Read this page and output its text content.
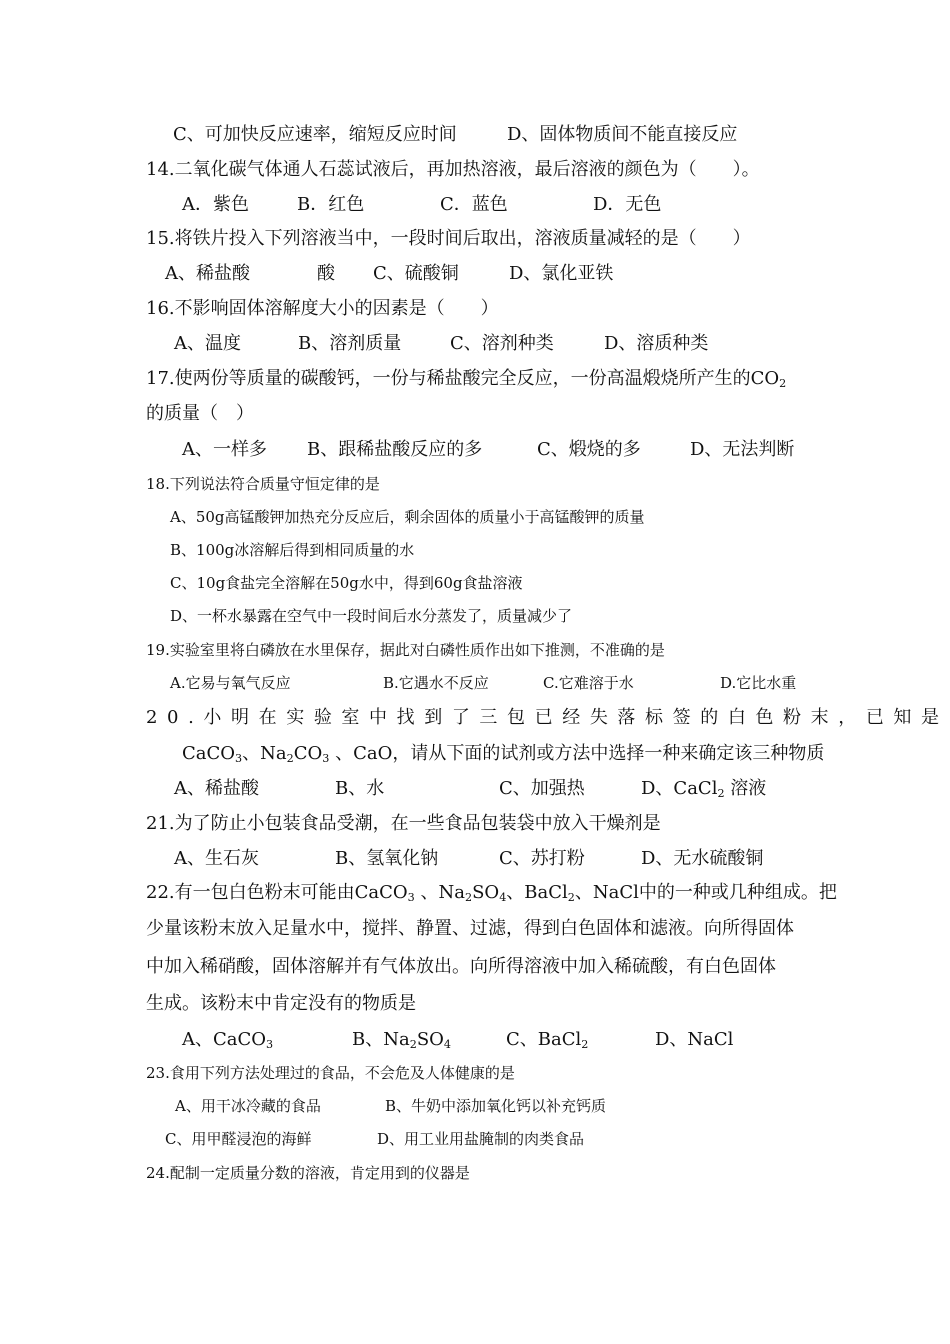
C、可加快反应速率，缩短反应时间	D、固体物质间不能直接反应
14.二氧化碳气体通人石蕊试液后，再加热溶液，最后溶液的颜色为（　　）。
A．紫色	B．红色	C．蓝色	D．无色
15.将铁片投入下列溶液当中，一段时间后取出，溶液质量减轻的是（　　）
A、稀盐酸	酸 C、硫酸铜	D、氯化亚铁
16.不影响固体溶解度大小的因素是（　　）
A、温度	B、溶剂质量	C、溶剂种类	D、溶质种类
17.使两份等质量的碳酸钙，一份与稀盐酸完全反应，一份高温煅烧所产生的$CO_2$
的质量（　）
A、一样多 B、跟稀盐酸反应的多	C、煅烧的多	D、无法判断
18.下列说法符合质量守恒定律的是
A、50g高锰酸钾加热充分反应后，剩余固体的质量小于高锰酸钾的质量
B、100g冰溶解后得到相同质量的水
C、10g食盐完全溶解在50g水中，得到60g食盐溶液
D、一杯水暴露在空气中一段时间后水分蒸发了，质量减少了
19.实验室里将白磷放在水里保存，据此对白磷性质作出如下推测，不准确的是
A.它易与氧气反应	B.它遇水不反应	C.它难溶于水	D.它比水重
20.小明在实验室中找到了三包已经失落标签的白色粉末，已知是
CaCO$_3$、$Na_2CO_3$ 、CaO，请从下面的试剂或方法中选择一种来确定该三种物质
A、稀盐酸	B、水	C、加强热	D、CaCl$_2$ 溶液
21.为了防止小包装食品受潮，在一些食品包装袋中放入干燥剂是
A、生石灰	B、氢氧化钠	C、苏打粉	D、无水硫酸铜
22.有一包白色粉末可能由CaCO$_3$ 、$Na_2SO_4$、BaCl$_2$、NaCl中的一种或几种组成。把
少量该粉末放入足量水中，搅拌、静置、过滤，得到白色固体和滤液。向所得固体
中加入稀硝酸，固体溶解并有气体放出。向所得溶液中加入稀硫酸，有白色固体
生成。该粉末中肯定没有的物质是
A、CaCO$_3$	B、$Na_2SO_4$	C、BaCl$_2$	D、NaCl
23.食用下列方法处理过的食品，不会危及人体健康的是
A、用干冰冷藏的食品	B、牛奶中添加氧化钙以补充钙质
C、用甲醛浸泡的海鲜	D、用工业用盐腌制的肉类食品
24.配制一定质量分数的溶液，肯定用到的仪器是
